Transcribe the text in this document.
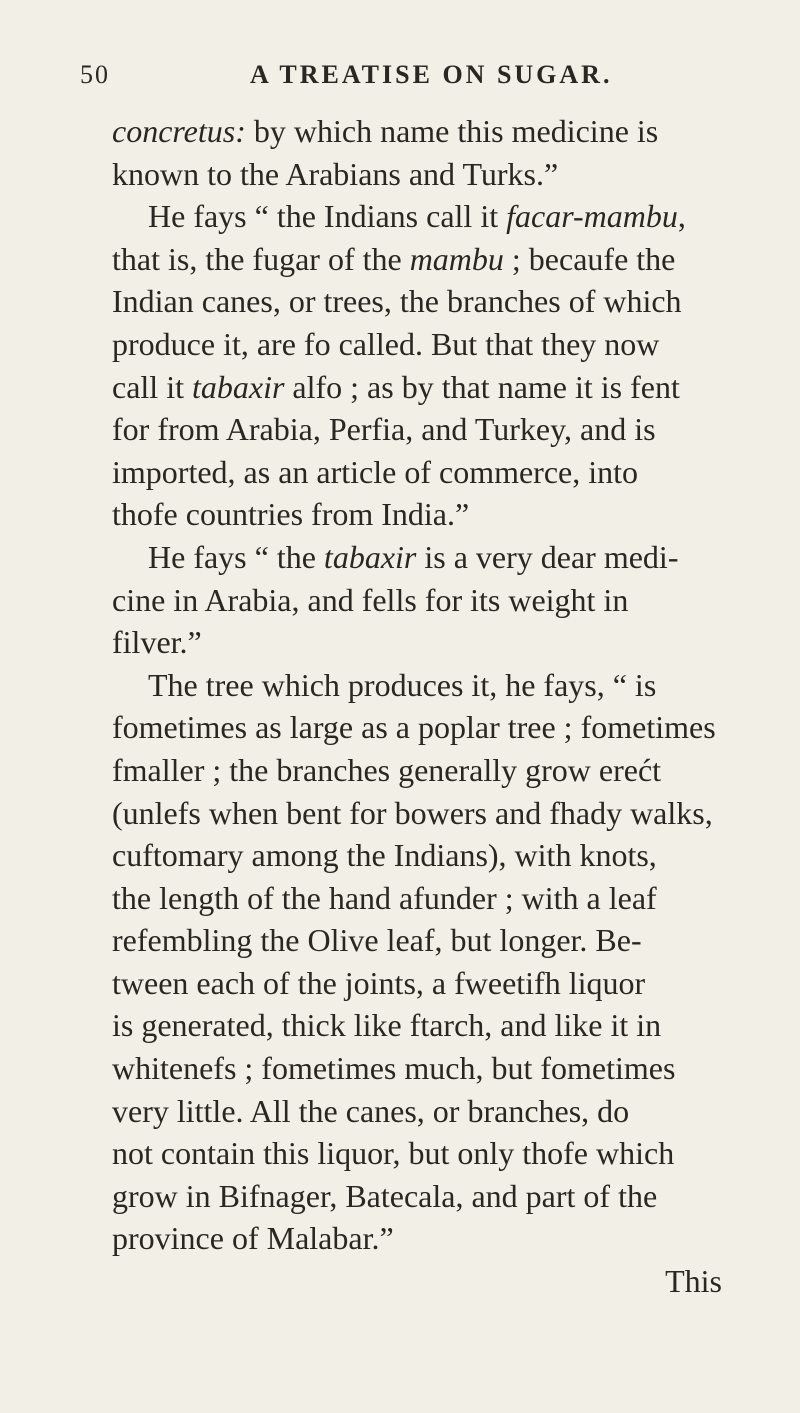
50	A TREATISE ON SUGAR.
concretus: by which name this medicine is
known to the Arabians and Turks.”
He fays “ the Indians call it facar-mambu,
that is, the fugar of the mambu ; becaufe the
Indian canes, or trees, the branches of which
produce it, are fo called. But that they now
call it tabaxir alfo ; as by that name it is fent
for from Arabia, Perfia, and Turkey, and is
imported, as an article of commerce, into
thofe countries from India.”
He fays “ the tabaxir is a very dear medi-
cine in Arabia, and fells for its weight in
filver.”
The tree which produces it, he fays, “ is
fometimes as large as a poplar tree ; fometimes
fmaller ; the branches generally grow erećt
(unlefs when bent for bowers and fhady walks,
cuftomary among the Indians), with knots,
the length of the hand afunder ; with a leaf
refembling the Olive leaf, but longer. Be-
tween each of the joints, a fweetifh liquor
is generated, thick like ftarch, and like it in
whitenefs ; fometimes much, but fometimes
very little. All the canes, or branches, do
not contain this liquor, but only thofe which
grow in Bifnager, Batecala, and part of the
province of Malabar.”
This
